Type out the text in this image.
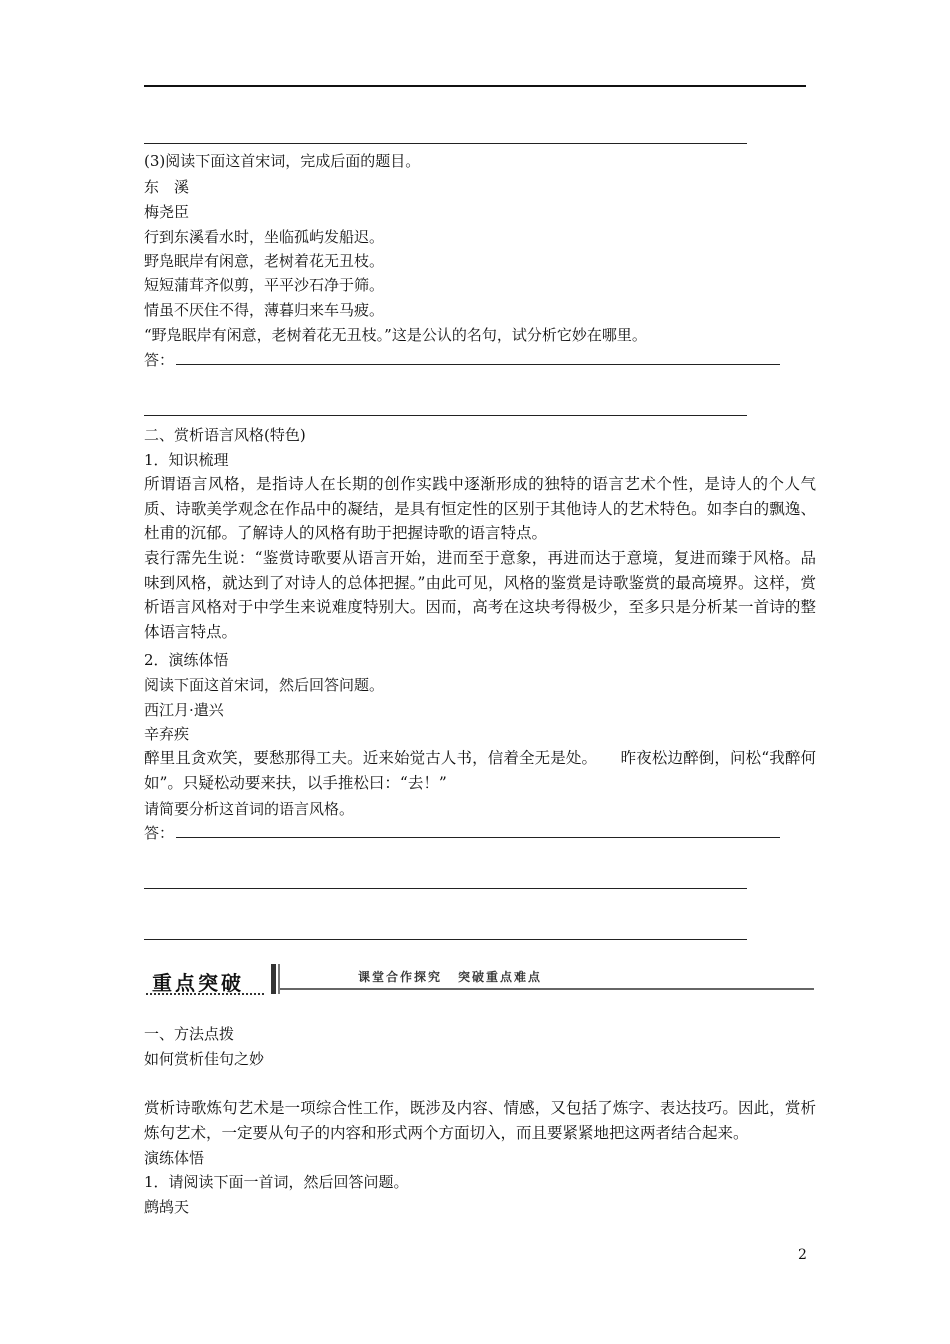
(3)阅读下面这首宋词，完成后面的题目。
东　溪
梅尧臣
行到东溪看水时，坐临孤屿发船迟。
野凫眠岸有闲意，老树着花无丑枝。
短短蒲茸齐似剪，平平沙石净于筛。
情虽不厌住不得，薄暮归来车马疲。
“野凫眠岸有闲意，老树着花无丑枝。”这是公认的名句，试分析它妙在哪里。
答：
二、赏析语言风格(特色)
1．知识梳理
所谓语言风格，是指诗人在长期的创作实践中逐渐形成的独特的语言艺术个性，是诗人的个人气质、诗歌美学观念在作品中的凝结，是具有恒定性的区别于其他诗人的艺术特色。如李白的飘逸、杜甫的沉郁。了解诗人的风格有助于把握诗歌的语言特点。
袁行霈先生说：“鉴赏诗歌要从语言开始，进而至于意象，再进而达于意境，复进而臻于风格。品味到风格，就达到了对诗人的总体把握。”由此可见，风格的鉴赏是诗歌鉴赏的最高境界。这样，赏析语言风格对于中学生来说难度特别大。因而，高考在这块考得极少，至多只是分析某一首诗的整体语言特点。
2．演练体悟
阅读下面这首宋词，然后回答问题。
西江月·遣兴
辛弃疾
醉里且贪欢笑，要愁那得工夫。近来始觉古人书，信着全无是处。　　昨夜松边醉倒，问松“我醉何如”。只疑松动要来扶，以手推松曰：“去！”
请简要分析这首词的语言风格。
答：
重点突破	课堂合作探究 突破重点难点
一、方法点拨
如何赏析佳句之妙
赏析诗歌炼句艺术是一项综合性工作，既涉及内容、情感，又包括了炼字、表达技巧。因此，赏析炼句艺术，一定要从句子的内容和形式两个方面切入，而且要紧紧地把这两者结合起来。
演练体悟
1．请阅读下面一首词，然后回答问题。
鹧鸪天
2
